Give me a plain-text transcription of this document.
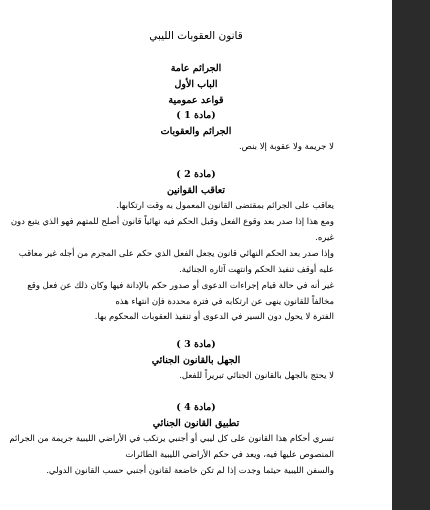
قانون العقوبات الليبي
الجرائم عامة
الباب الأول
قواعد عمومية
(مادة 1 )
الجرائم والعقوبات
لا جريمة ولا عقوبة إلا بنص.
(مادة 2 )
تعاقب القوانين
يعاقب على الجرائم بمقتضى القانون المعمول به وقت ارتكابها.
ومع هذا إذا صدر بعد وقوع الفعل وقبل الحكم فيه نهائياً قانون أصلح للمتهم فهو الذي يتبع دون
غيره.
وإذا صدر بعد الحكم النهائي قانون يجعل الفعل الذي حكم على المجرم من أجله غير معاقب
عليه أوقف تنفيذ الحكم وانتهت آثاره الجنائية.
غير أنه في حالة قيام إجراءات الدعوى أو صدور حكم بالإدانة فيها وكان ذلك عن فعل وقع
مخالفاً للقانون ينهى عن ارتكابه في فترة محددة فإن انتهاء هذه
الفترة لا يحول دون السير في الدعوى أو تنفيذ العقوبات المحكوم بها.
(مادة 3 )
الجهل بالقانون الجنائي
لا يحتج بالجهل بالقانون الجنائي تبريراً للفعل.
(مادة 4 )
تطبيق القانون الجنائي
تسري أحكام هذا القانون على كل ليبي أو أجنبي يرتكب في الأراضي الليبية جريمة من الجرائم
المنصوص عليها فيه، ويعد في حكم الأراضي الليبية الطائرات
والسفن الليبية حيثما وجدت إذا لم تكن خاضعة لقانون أجنبي حسب القانون الدولي.
